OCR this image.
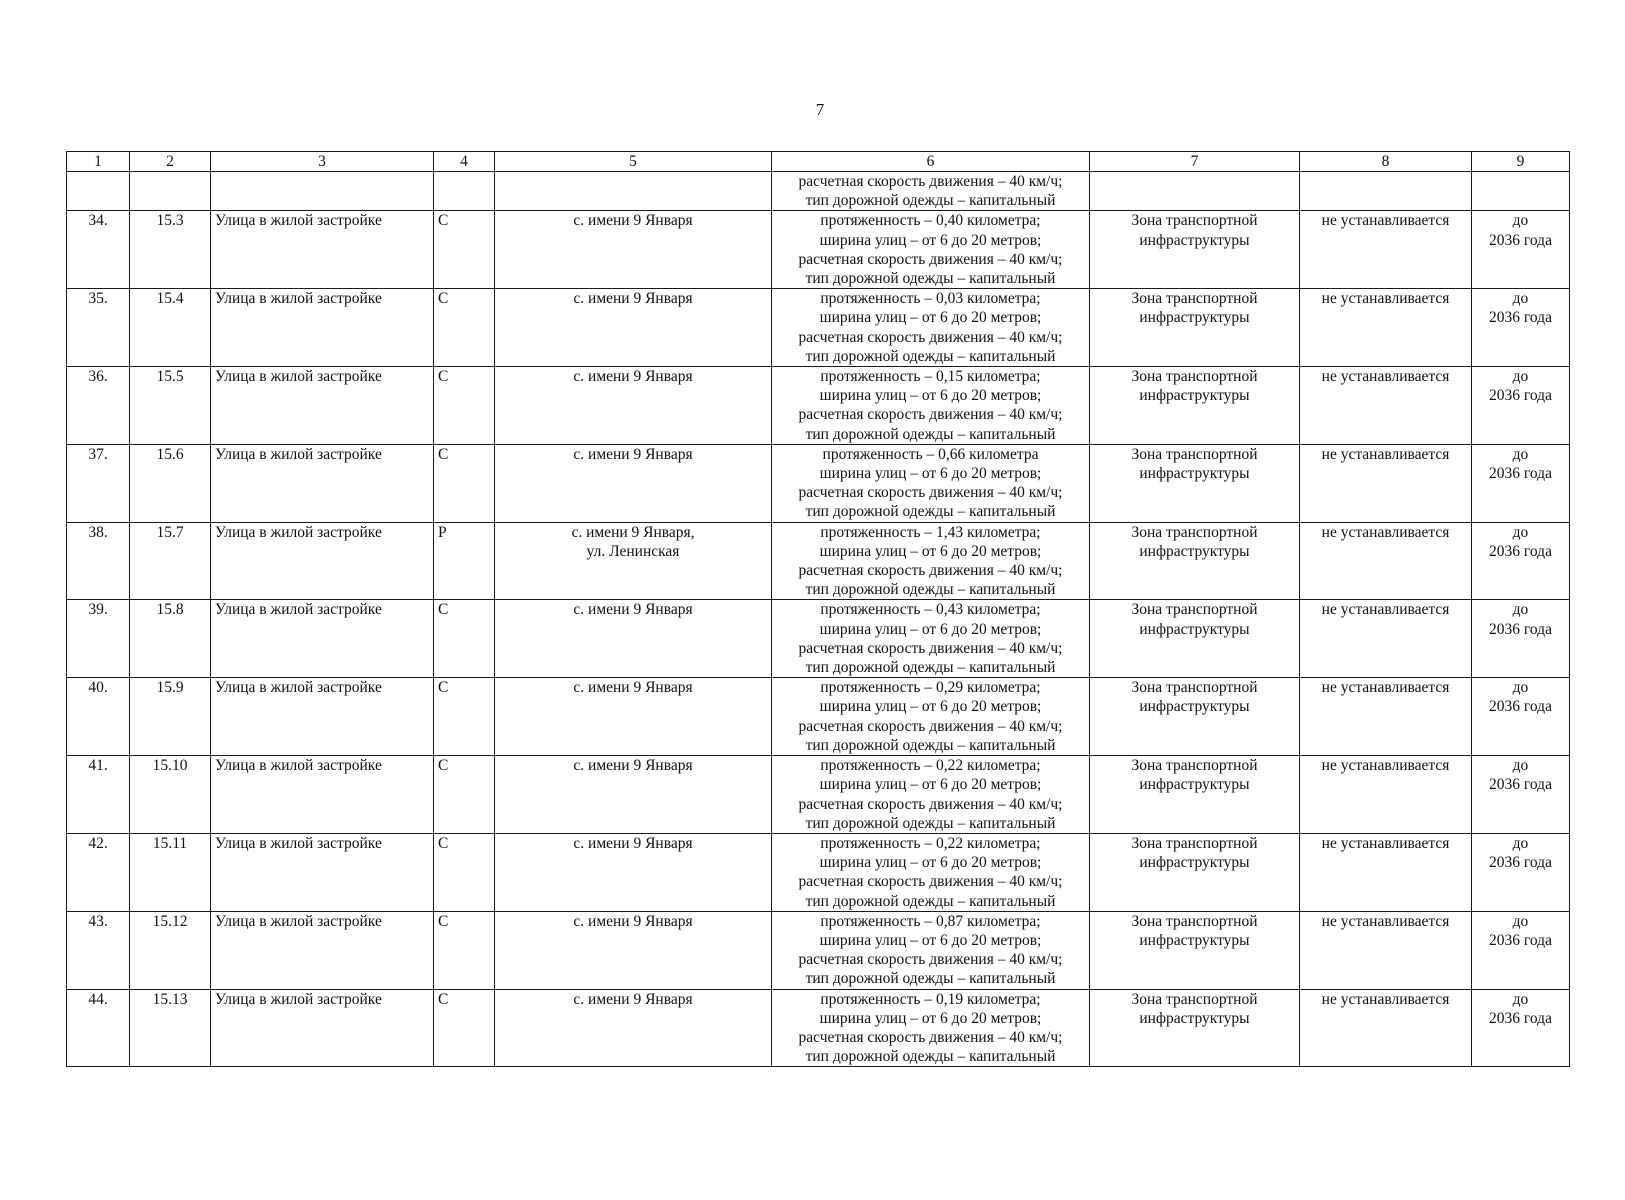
7
1	2	3	4	5	6	7	8	9

					расчетная скорость движения – 40 км/ч;
тип дорожной одежды – капитальный			

34.	15.3	Улица в жилой застройке	С	с. имени 9 Января	протяженность – 0,40 километра;
ширина улиц – от 6 до 20 метров;
расчетная скорость движения – 40 км/ч;
тип дорожной одежды – капитальный	Зона транспортной
инфраструктуры	не устанавливается	до
2036 года

35.	15.4	Улица в жилой застройке	С	с. имени 9 Января	протяженность – 0,03 километра;
ширина улиц – от 6 до 20 метров;
расчетная скорость движения – 40 км/ч;
тип дорожной одежды – капитальный	Зона транспортной
инфраструктуры	не устанавливается	до
2036 года

36.	15.5	Улица в жилой застройке	С	с. имени 9 Января	протяженность – 0,15 километра;
ширина улиц – от 6 до 20 метров;
расчетная скорость движения – 40 км/ч;
тип дорожной одежды – капитальный	Зона транспортной
инфраструктуры	не устанавливается	до
2036 года

37.	15.6	Улица в жилой застройке	С	с. имени 9 Января	протяженность – 0,66 километра
ширина улиц – от 6 до 20 метров;
расчетная скорость движения – 40 км/ч;
тип дорожной одежды – капитальный	Зона транспортной
инфраструктуры	не устанавливается	до
2036 года

38.	15.7	Улица в жилой застройке	Р	с. имени 9 Января,
ул. Ленинская	протяженность – 1,43 километра;
ширина улиц – от 6 до 20 метров;
расчетная скорость движения – 40 км/ч;
тип дорожной одежды – капитальный	Зона транспортной
инфраструктуры	не устанавливается	до
2036 года

39.	15.8	Улица в жилой застройке	С	с. имени 9 Января	протяженность – 0,43 километра;
ширина улиц – от 6 до 20 метров;
расчетная скорость движения – 40 км/ч;
тип дорожной одежды – капитальный	Зона транспортной
инфраструктуры	не устанавливается	до
2036 года

40.	15.9	Улица в жилой застройке	С	с. имени 9 Января	протяженность – 0,29 километра;
ширина улиц – от 6 до 20 метров;
расчетная скорость движения – 40 км/ч;
тип дорожной одежды – капитальный	Зона транспортной
инфраструктуры	не устанавливается	до
2036 года

41.	15.10	Улица в жилой застройке	С	с. имени 9 Января	протяженность – 0,22 километра;
ширина улиц – от 6 до 20 метров;
расчетная скорость движения – 40 км/ч;
тип дорожной одежды – капитальный	Зона транспортной
инфраструктуры	не устанавливается	до
2036 года

42.	15.11	Улица в жилой застройке	С	с. имени 9 Января	протяженность – 0,22 километра;
ширина улиц – от 6 до 20 метров;
расчетная скорость движения – 40 км/ч;
тип дорожной одежды – капитальный	Зона транспортной
инфраструктуры	не устанавливается	до
2036 года

43.	15.12	Улица в жилой застройке	С	с. имени 9 Января	протяженность – 0,87 километра;
ширина улиц – от 6 до 20 метров;
расчетная скорость движения – 40 км/ч;
тип дорожной одежды – капитальный	Зона транспортной
инфраструктуры	не устанавливается	до
2036 года

44.	15.13	Улица в жилой застройке	С	с. имени 9 Января	протяженность – 0,19 километра;
ширина улиц – от 6 до 20 метров;
расчетная скорость движения – 40 км/ч;
тип дорожной одежды – капитальный	Зона транспортной
инфраструктуры	не устанавливается	до
2036 года
